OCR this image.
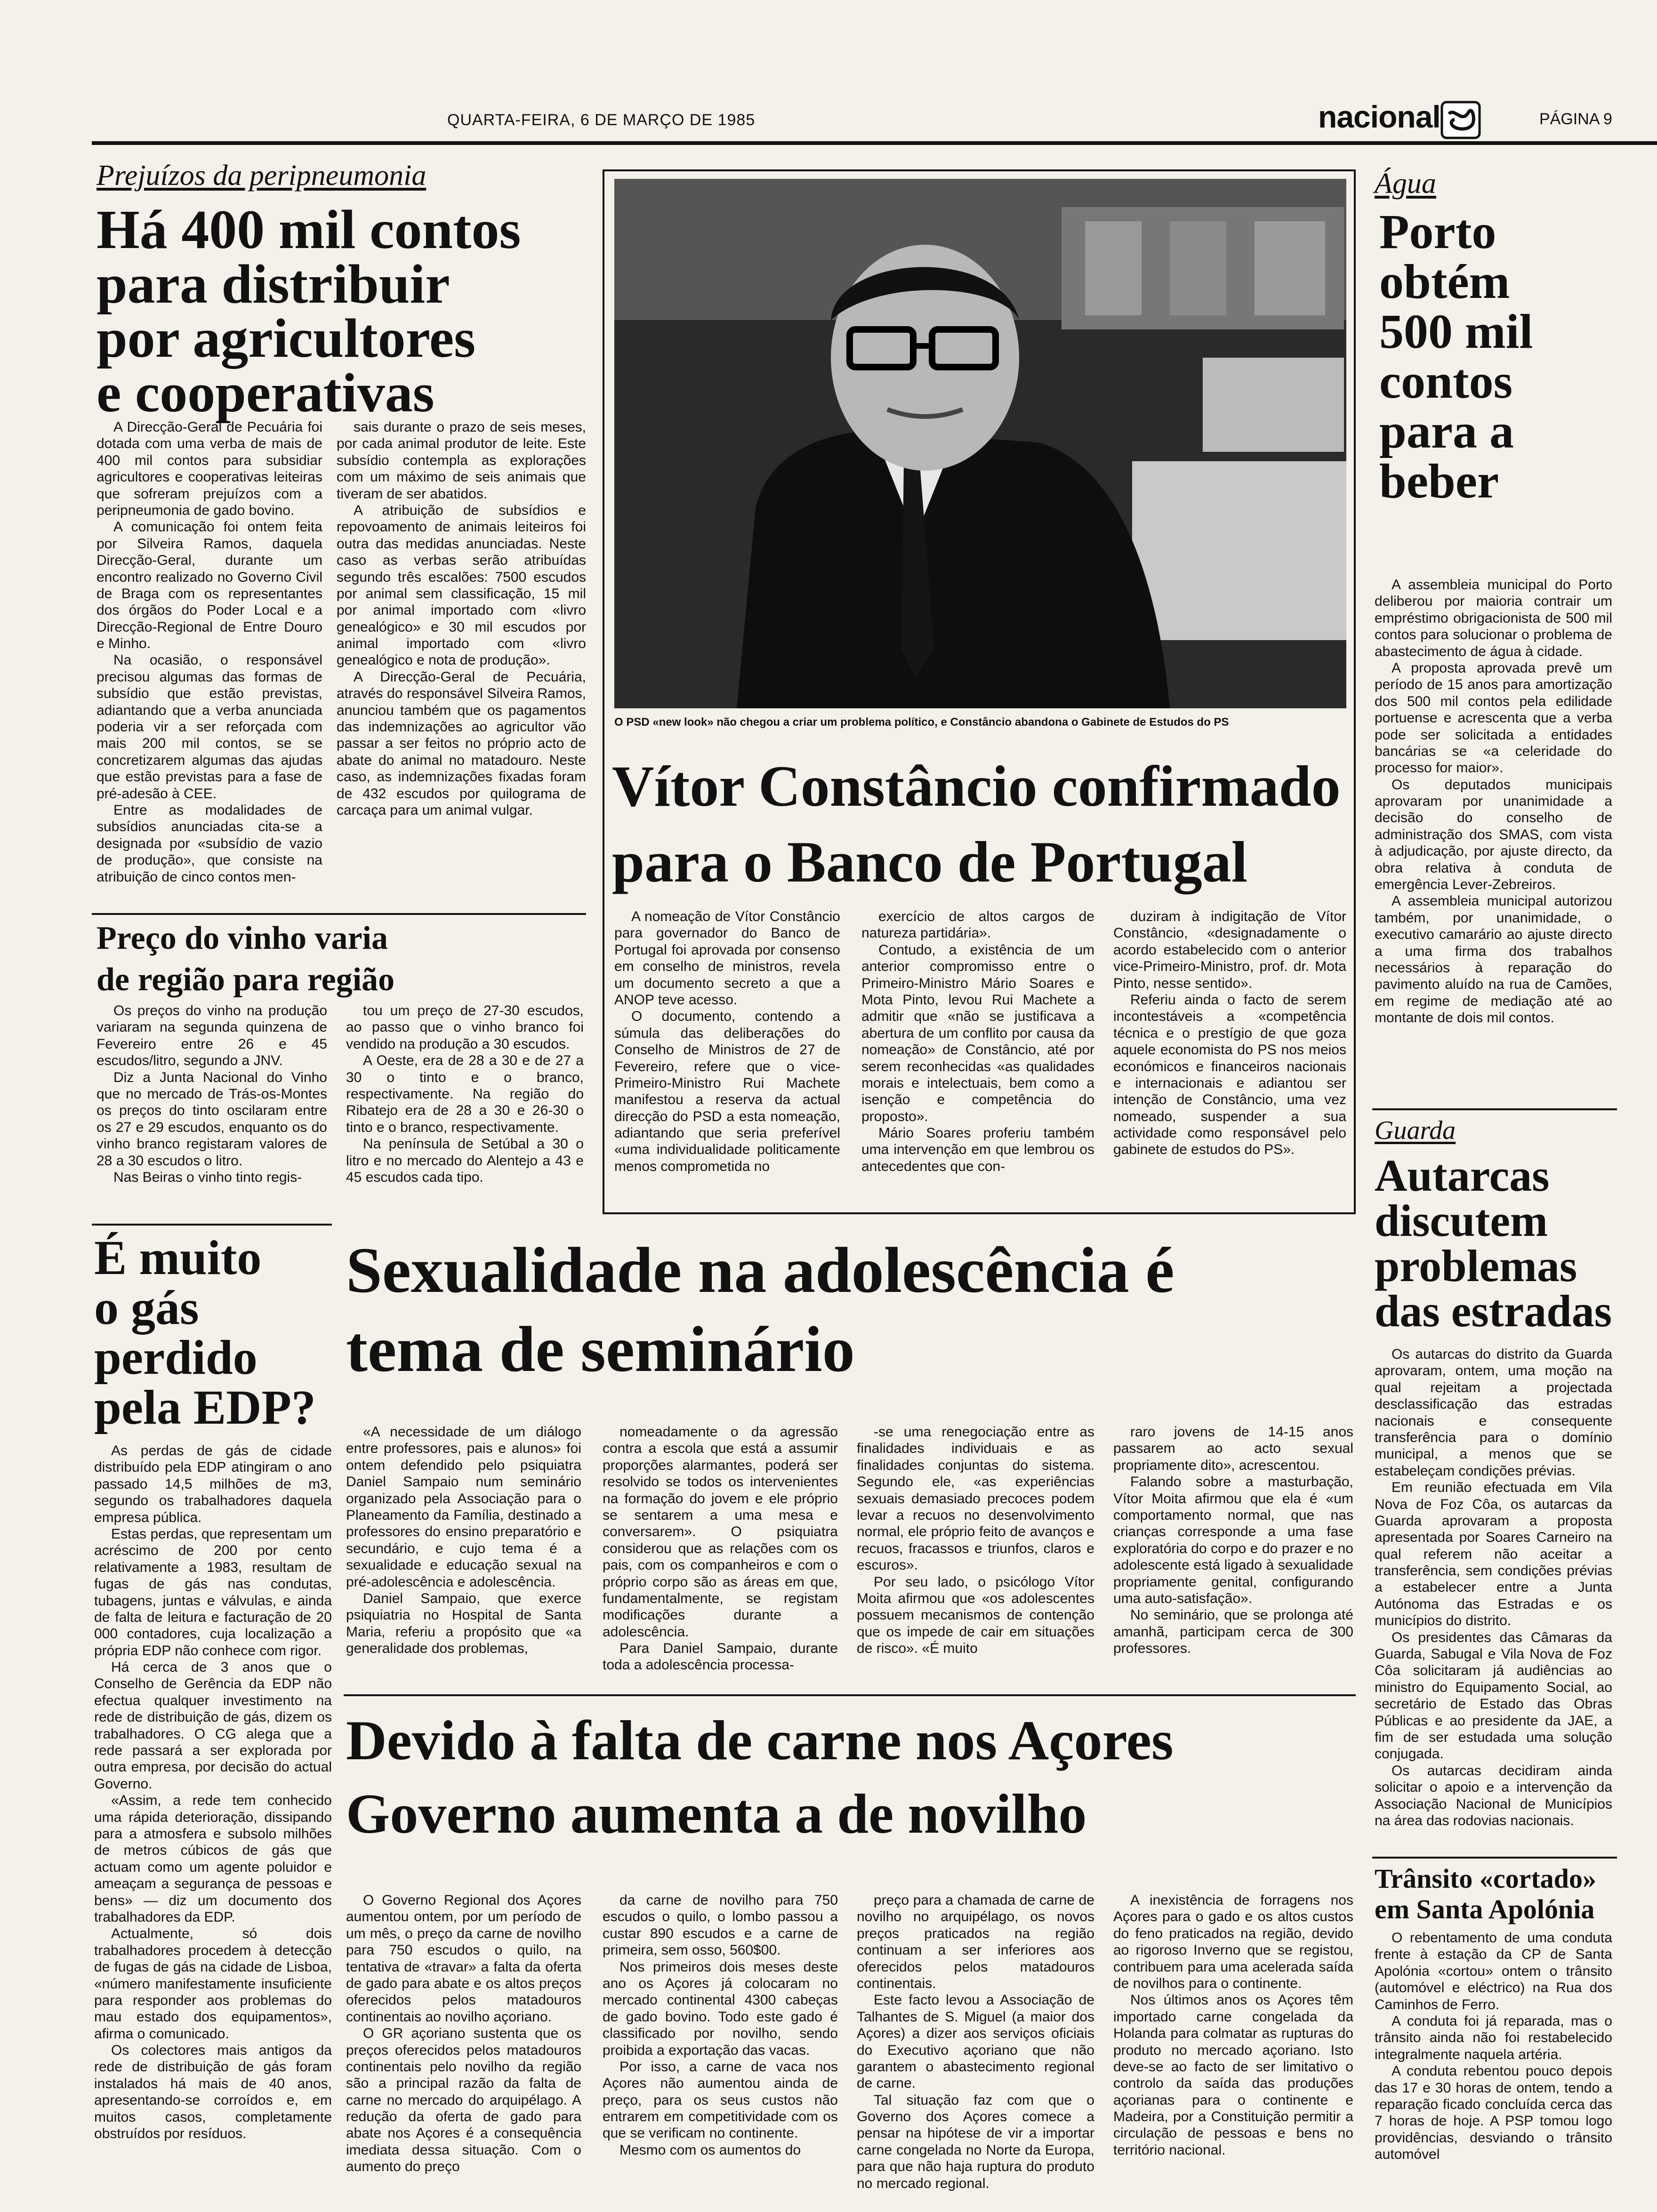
QUARTA-FEIRA, 6 DE MARÇO DE 1985	nacional	PÁGINA 9
Prejuízos da peripneumonia
Há 400 mil contos
para distribuir
por agricultores
e cooperativas

A Direcção-Geral de Pecuária foi dotada com uma verba de mais de 400 mil contos para subsidiar agricultores e cooperativas leiteiras que sofreram prejuízos com a peripneumonia de gado bovino.

A comunicação foi ontem feita por Silveira Ramos, daquela Direcção-Geral, durante um encontro realizado no Governo Civil de Braga com os representantes dos órgãos do Poder Local e a Direcção-Regional de Entre Douro e Minho.

Na ocasião, o responsável precisou algumas das formas de subsídio que estão previstas, adiantando que a verba anunciada poderia vir a ser reforçada com mais 200 mil contos, se se concretizarem algumas das ajudas que estão previstas para a fase de pré-adesão à CEE.

Entre as modalidades de subsídios anunciadas cita-se a designada por «subsídio de vazio de produção», que consiste na atribuição de cinco contos men-

sais durante o prazo de seis meses, por cada animal produtor de leite. Este subsídio contempla as explorações com um máximo de seis animais que tiveram de ser abatidos.

A atribuição de subsídios e repovoamento de animais leiteiros foi outra das medidas anunciadas. Neste caso as verbas serão atribuídas segundo três escalões: 7500 escudos por animal sem classificação, 15 mil por animal importado com «livro genealógico» e 30 mil escudos por animal importado com «livro genealógico e nota de produção».

A Direcção-Geral de Pecuária, através do responsável Silveira Ramos, anunciou também que os pagamentos das indemnizações ao agricultor vão passar a ser feitos no próprio acto de abate do animal no matadouro. Neste caso, as indemnizações fixadas foram de 432 escudos por quilograma de carcaça para um animal vulgar.

Preço do vinho varia
de região para região

Os preços do vinho na produção variaram na segunda quinzena de Fevereiro entre 26 e 45 escudos/litro, segundo a JNV.

Diz a Junta Nacional do Vinho que no mercado de Trás-os-Montes os preços do tinto oscilaram entre os 27 e 29 escudos, enquanto os do vinho branco registaram valores de 28 a 30 escudos o litro.

Nas Beiras o vinho tinto regis-

tou um preço de 27-30 escudos, ao passo que o vinho branco foi vendido na produção a 30 escudos.

A Oeste, era de 28 a 30 e de 27 a 30 o tinto e o branco, respectivamente. Na região do Ribatejo era de 28 a 30 e 26-30 o tinto e o branco, respectivamente.

Na península de Setúbal a 30 o litro e no mercado do Alentejo a 43 e 45 escudos cada tipo.

O PSD «new look» não chegou a criar um problema político, e Constâncio abandona o Gabinete de Estudos do PS
Vítor Constâncio confirmado
para o Banco de Portugal

A nomeação de Vítor Constâncio para governador do Banco de Portugal foi aprovada por consenso em conselho de ministros, revela um documento secreto a que a ANOP teve acesso.

O documento, contendo a súmula das deliberações do Conselho de Ministros de 27 de Fevereiro, refere que o vice-Primeiro-Ministro Rui Machete manifestou a reserva da actual direcção do PSD a esta nomeação, adiantando que seria preferível «uma individualidade politicamente menos comprometida no

exercício de altos cargos de natureza partidária».

Contudo, a existência de um anterior compromisso entre o Primeiro-Ministro Mário Soares e Mota Pinto, levou Rui Machete a admitir que «não se justificava a abertura de um conflito por causa da nomeação» de Constâncio, até por serem reconhecidas «as qualidades morais e intelectuais, bem como a isenção e competência do proposto».

Mário Soares proferiu também uma intervenção em que lembrou os antecedentes que con-

duziram à indigitação de Vítor Constâncio, «designadamente o acordo estabelecido com o anterior vice-Primeiro-Ministro, prof. dr. Mota Pinto, nesse sentido».

Referiu ainda o facto de serem incontestáveis a «competência técnica e o prestígio de que goza aquele economista do PS nos meios económicos e financeiros nacionais e internacionais e adiantou ser intenção de Constâncio, uma vez nomeado, suspender a sua actividade como responsável pelo gabinete de estudos do PS».

Água
Porto
obtém
500 mil
contos
para a
beber

A assembleia municipal do Porto deliberou por maioria contrair um empréstimo obrigacionista de 500 mil contos para solucionar o problema de abastecimento de água à cidade.

A proposta aprovada prevê um período de 15 anos para amortização dos 500 mil contos pela edilidade portuense e acrescenta que a verba pode ser solicitada a entidades bancárias se «a celeridade do processo for maior».

Os deputados municipais aprovaram por unanimidade a decisão do conselho de administração dos SMAS, com vista à adjudicação, por ajuste directo, da obra relativa à conduta de emergência Lever-Zebreiros.

A assembleia municipal autorizou também, por unanimidade, o executivo camarário ao ajuste directo a uma firma dos trabalhos necessários à reparação do pavimento aluído na rua de Camões, em regime de mediação até ao montante de dois mil contos.

Guarda
Autarcas
discutem
problemas
das estradas

Os autarcas do distrito da Guarda aprovaram, ontem, uma moção na qual rejeitam a projectada desclassificação das estradas nacionais e consequente transferência para o domínio municipal, a menos que se estabeleçam condições prévias.

Em reunião efectuada em Vila Nova de Foz Côa, os autarcas da Guarda aprovaram a proposta apresentada por Soares Carneiro na qual referem não aceitar a transferência, sem condições prévias a estabelecer entre a Junta Autónoma das Estradas e os municípios do distrito.

Os presidentes das Câmaras da Guarda, Sabugal e Vila Nova de Foz Côa solicitaram já audiências ao ministro do Equipamento Social, ao secretário de Estado das Obras Públicas e ao presidente da JAE, a fim de ser estudada uma solução conjugada.

Os autarcas decidiram ainda solicitar o apoio e a intervenção da Associação Nacional de Municípios na área das rodovias nacionais.

Trânsito «cortado»
em Santa Apolónia

O rebentamento de uma conduta frente à estação da CP de Santa Apolónia «cortou» ontem o trânsito (automóvel e eléctrico) na Rua dos Caminhos de Ferro.

A conduta foi já reparada, mas o trânsito ainda não foi restabelecido integralmente naquela artéria.

A conduta rebentou pouco depois das 17 e 30 horas de ontem, tendo a reparação ficado concluída cerca das 7 horas de hoje. A PSP tomou logo providências, desviando o trânsito automóvel

É muito
o gás
perdido
pela EDP?

As perdas de gás de cidade distribuído pela EDP atingiram o ano passado 14,5 milhões de m3, segundo os trabalhadores daquela empresa pública.

Estas perdas, que representam um acréscimo de 200 por cento relativamente a 1983, resultam de fugas de gás nas condutas, tubagens, juntas e válvulas, e ainda de falta de leitura e facturação de 20 000 contadores, cuja localização a própria EDP não conhece com rigor.

Há cerca de 3 anos que o Conselho de Gerência da EDP não efectua qualquer investimento na rede de distribuição de gás, dizem os trabalhadores. O CG alega que a rede passará a ser explorada por outra empresa, por decisão do actual Governo.

«Assim, a rede tem conhecido uma rápida deterioração, dissipando para a atmosfera e subsolo milhões de metros cúbicos de gás que actuam como um agente poluidor e ameaçam a segurança de pessoas e bens» — diz um documento dos trabalhadores da EDP.

Actualmente, só dois trabalhadores procedem à detecção de fugas de gás na cidade de Lisboa, «número manifestamente insuficiente para responder aos problemas do mau estado dos equipamentos», afirma o comunicado.

Os colectores mais antigos da rede de distribuição de gás foram instalados há mais de 40 anos, apresentando-se corroídos e, em muitos casos, completamente obstruídos por resíduos.

Sexualidade na adolescência é
tema de seminário

«A necessidade de um diálogo entre professores, pais e alunos» foi ontem defendido pelo psiquiatra Daniel Sampaio num seminário organizado pela Associação para o Planeamento da Família, destinado a professores do ensino preparatório e secundário, e cujo tema é a sexualidade e educação sexual na pré-adolescência e adolescência.

Daniel Sampaio, que exerce psiquiatria no Hospital de Santa Maria, referiu a propósito que «a generalidade dos problemas,

nomeadamente o da agressão contra a escola que está a assumir proporções alarmantes, poderá ser resolvido se todos os intervenientes na formação do jovem e ele próprio se sentarem a uma mesa e conversarem». O psiquiatra considerou que as relações com os pais, com os companheiros e com o próprio corpo são as áreas em que, fundamentalmente, se registam modificações durante a adolescência.

Para Daniel Sampaio, durante toda a adolescência processa-

-se uma renegociação entre as finalidades individuais e as finalidades conjuntas do sistema. Segundo ele, «as experiências sexuais demasiado precoces podem levar a recuos no desenvolvimento normal, ele próprio feito de avanços e recuos, fracassos e triunfos, claros e escuros».

Por seu lado, o psicólogo Vítor Moita afirmou que «os adolescentes possuem mecanismos de contenção que os impede de cair em situações de risco». «É muito

raro jovens de 14-15 anos passarem ao acto sexual propriamente dito», acrescentou.

Falando sobre a masturbação, Vítor Moita afirmou que ela é «um comportamento normal, que nas crianças corresponde a uma fase exploratória do corpo e do prazer e no adolescente está ligado à sexualidade propriamente genital, configurando uma auto-satisfação».

No seminário, que se prolonga até amanhã, participam cerca de 300 professores.

Devido à falta de carne nos Açores
Governo aumenta a de novilho

O Governo Regional dos Açores aumentou ontem, por um período de um mês, o preço da carne de novilho para 750 escudos o quilo, na tentativa de «travar» a falta da oferta de gado para abate e os altos preços oferecidos pelos matadouros continentais ao novilho açoriano.

O GR açoriano sustenta que os preços oferecidos pelos matadouros continentais pelo novilho da região são a principal razão da falta de carne no mercado do arquipélago. A redução da oferta de gado para abate nos Açores é a consequência imediata dessa situação. Com o aumento do preço

da carne de novilho para 750 escudos o quilo, o lombo passou a custar 890 escudos e a carne de primeira, sem osso, 560$00.

Nos primeiros dois meses deste ano os Açores já colocaram no mercado continental 4300 cabeças de gado bovino. Todo este gado é classificado por novilho, sendo proibida a exportação das vacas.

Por isso, a carne de vaca nos Açores não aumentou ainda de preço, para os seus custos não entrarem em competitividade com os que se verificam no continente.

Mesmo com os aumentos do

preço para a chamada de carne de novilho no arquipélago, os novos preços praticados na região continuam a ser inferiores aos oferecidos pelos matadouros continentais.

Este facto levou a Associação de Talhantes de S. Miguel (a maior dos Açores) a dizer aos serviços oficiais do Executivo açoriano que não garantem o abastecimento regional de carne.

Tal situação faz com que o Governo dos Açores comece a pensar na hipótese de vir a importar carne congelada no Norte da Europa, para que não haja ruptura do produto no mercado regional.

A inexistência de forragens nos Açores para o gado e os altos custos do feno praticados na região, devido ao rigoroso Inverno que se registou, contribuem para uma acelerada saída de novilhos para o continente.

Nos últimos anos os Açores têm importado carne congelada da Holanda para colmatar as rupturas do produto no mercado açoriano. Isto deve-se ao facto de ser limitativo o controlo da saída das produções açorianas para o continente e Madeira, por a Constituição permitir a circulação de pessoas e bens no território nacional.
